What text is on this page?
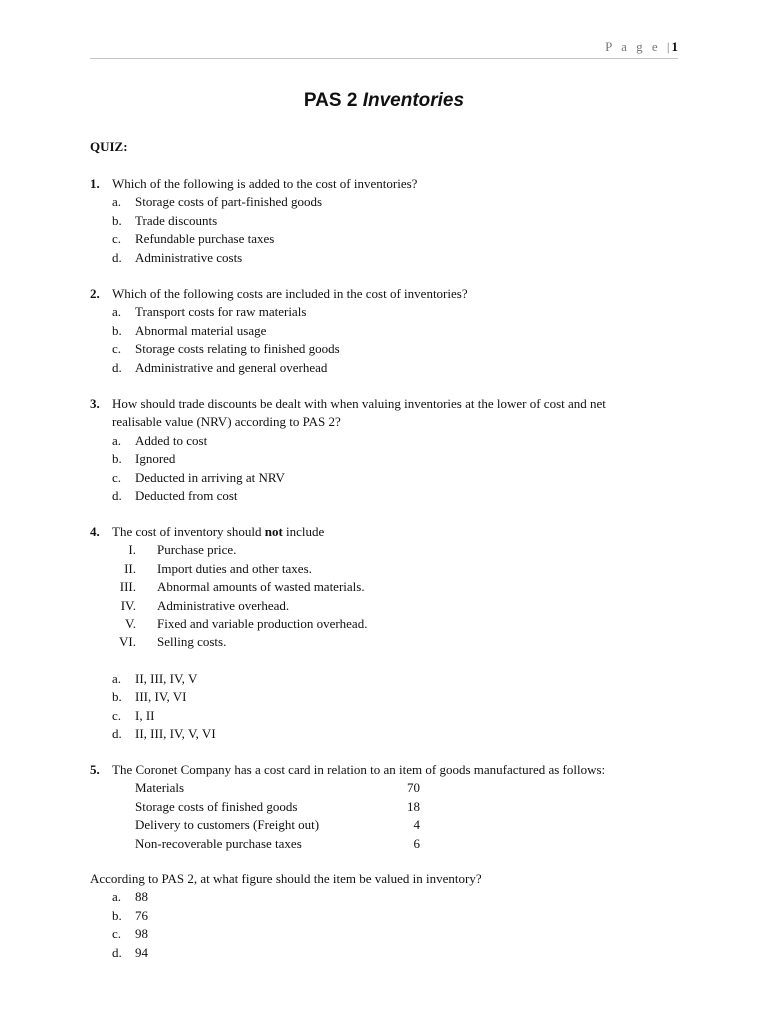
P a g e | 1
PAS 2 Inventories
QUIZ:
1. Which of the following is added to the cost of inventories?
a. Storage costs of part-finished goods
b. Trade discounts
c. Refundable purchase taxes
d. Administrative costs
2. Which of the following costs are included in the cost of inventories?
a. Transport costs for raw materials
b. Abnormal material usage
c. Storage costs relating to finished goods
d. Administrative and general overhead
3. How should trade discounts be dealt with when valuing inventories at the lower of cost and net
realisable value (NRV) according to PAS 2?
a. Added to cost
b. Ignored
c. Deducted in arriving at NRV
d. Deducted from cost
4. The cost of inventory should not include
I. Purchase price.
II. Import duties and other taxes.
III. Abnormal amounts of wasted materials.
IV. Administrative overhead.
V. Fixed and variable production overhead.
VI. Selling costs.
a. II, III, IV, V
b. III, IV, VI
c. I, II
d. II, III, IV, V, VI
5. The Coronet Company has a cost card in relation to an item of goods manufactured as follows:
Materials	70
Storage costs of finished goods	18
Delivery to customers (Freight out)	4
Non-recoverable purchase taxes	6
According to PAS 2, at what figure should the item be valued in inventory?
a. 88
b. 76
c. 98
d. 94
